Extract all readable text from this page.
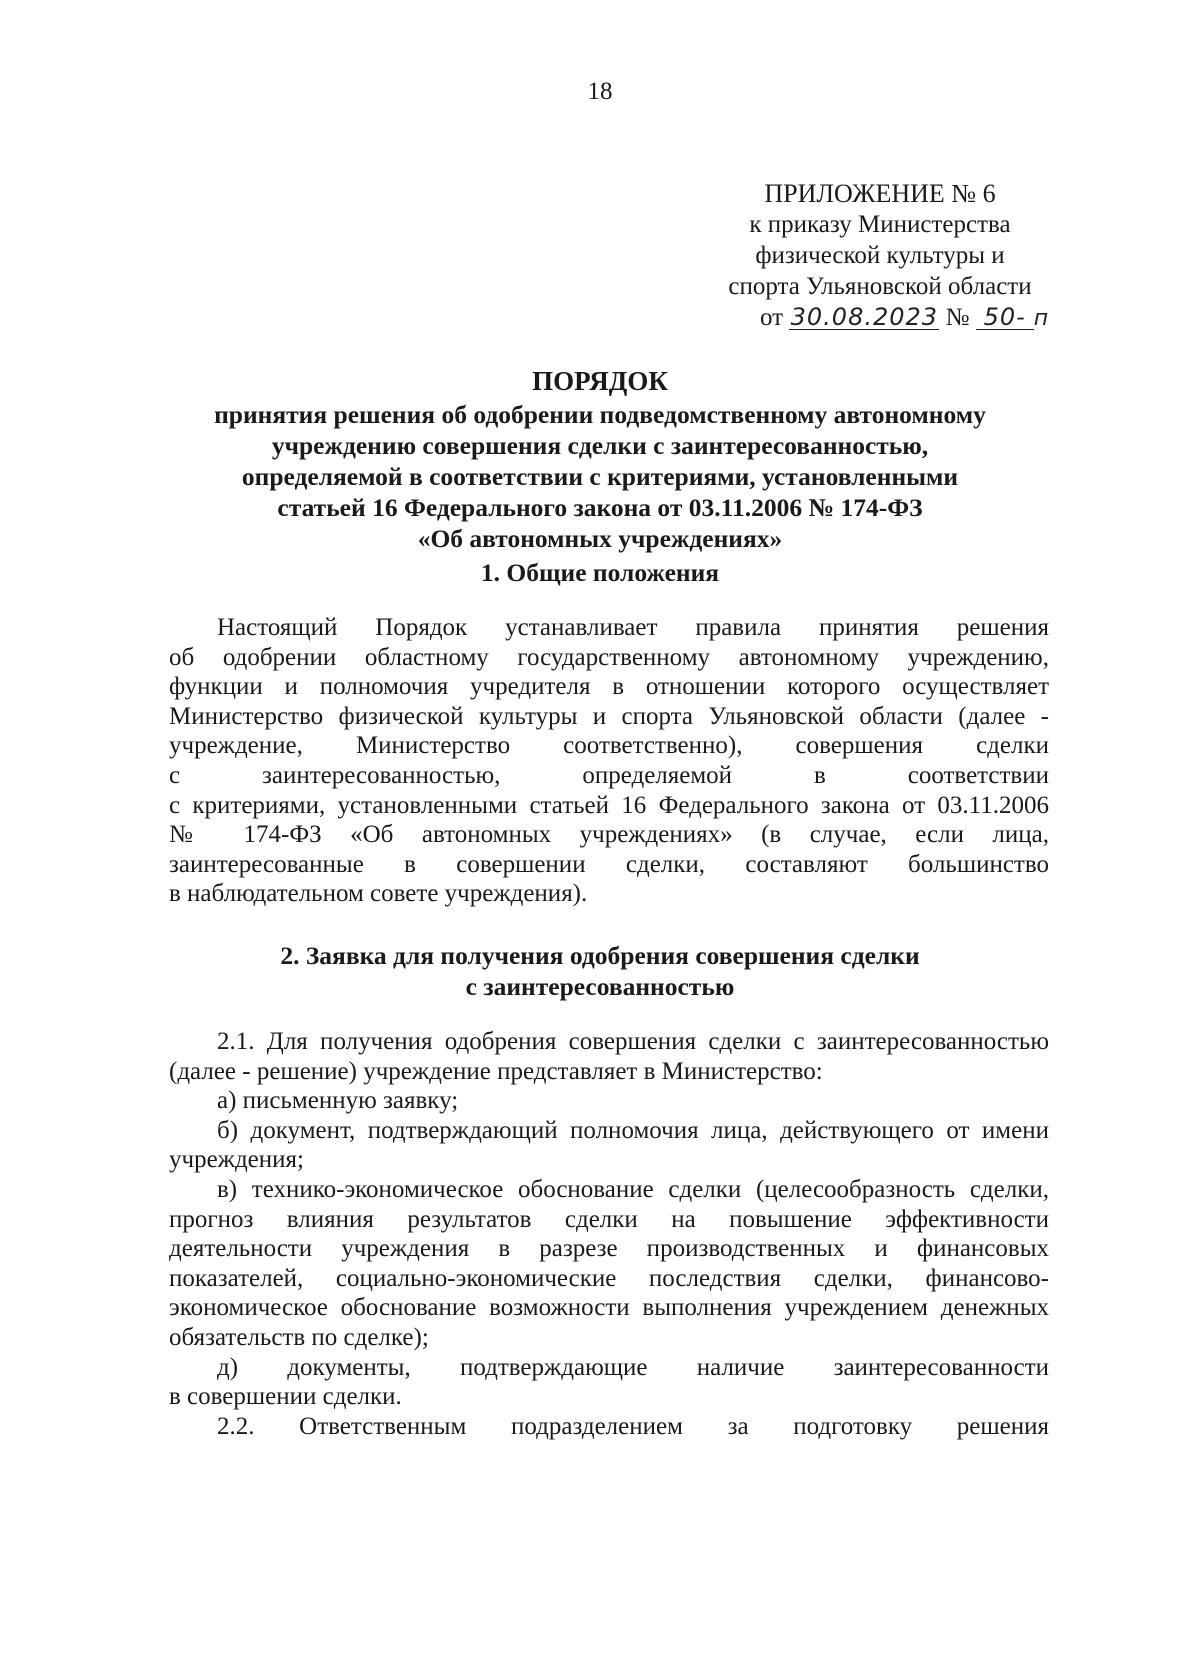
18
ПРИЛОЖЕНИЕ № 6
к приказу Министерства
физической культуры и
спорта Ульяновской области
от 30.08.2023 № 50- п
ПОРЯДОК
принятия решения об одобрении подведомственному автономному
учреждению совершения сделки с заинтересованностью,
определяемой в соответствии с критериями, установленными
статьей 16 Федерального закона от 03.11.2006 № 174-ФЗ
«Об автономных учреждениях»
1. Общие положения
Настоящий Порядок устанавливает правила принятия решения
об одобрении областному государственному автономному учреждению,
функции и полномочия учредителя в отношении которого осуществляет
Министерство физической культуры и спорта Ульяновской области (далее -
учреждение, Министерство соответственно), совершения сделки
с заинтересованностью, определяемой в соответствии
с критериями, установленными статьей 16 Федерального закона от 03.11.2006
№ 174-ФЗ «Об автономных учреждениях» (в случае, если лица,
заинтересованные в совершении сделки, составляют большинство
в наблюдательном совете учреждения).
2. Заявка для получения одобрения совершения сделки
с заинтересованностью
2.1. Для получения одобрения совершения сделки с заинтересованностью
(далее - решение) учреждение представляет в Министерство:
а) письменную заявку;
б) документ, подтверждающий полномочия лица, действующего от имени
учреждения;
в) технико-экономическое обоснование сделки (целесообразность сделки,
прогноз влияния результатов сделки на повышение эффективности
деятельности учреждения в разрезе производственных и финансовых
показателей, социально-экономические последствия сделки, финансово-
экономическое обоснование возможности выполнения учреждением денежных
обязательств по сделке);
д) документы, подтверждающие наличие заинтересованности
в совершении сделки.
2.2. Ответственным подразделением за подготовку решения
